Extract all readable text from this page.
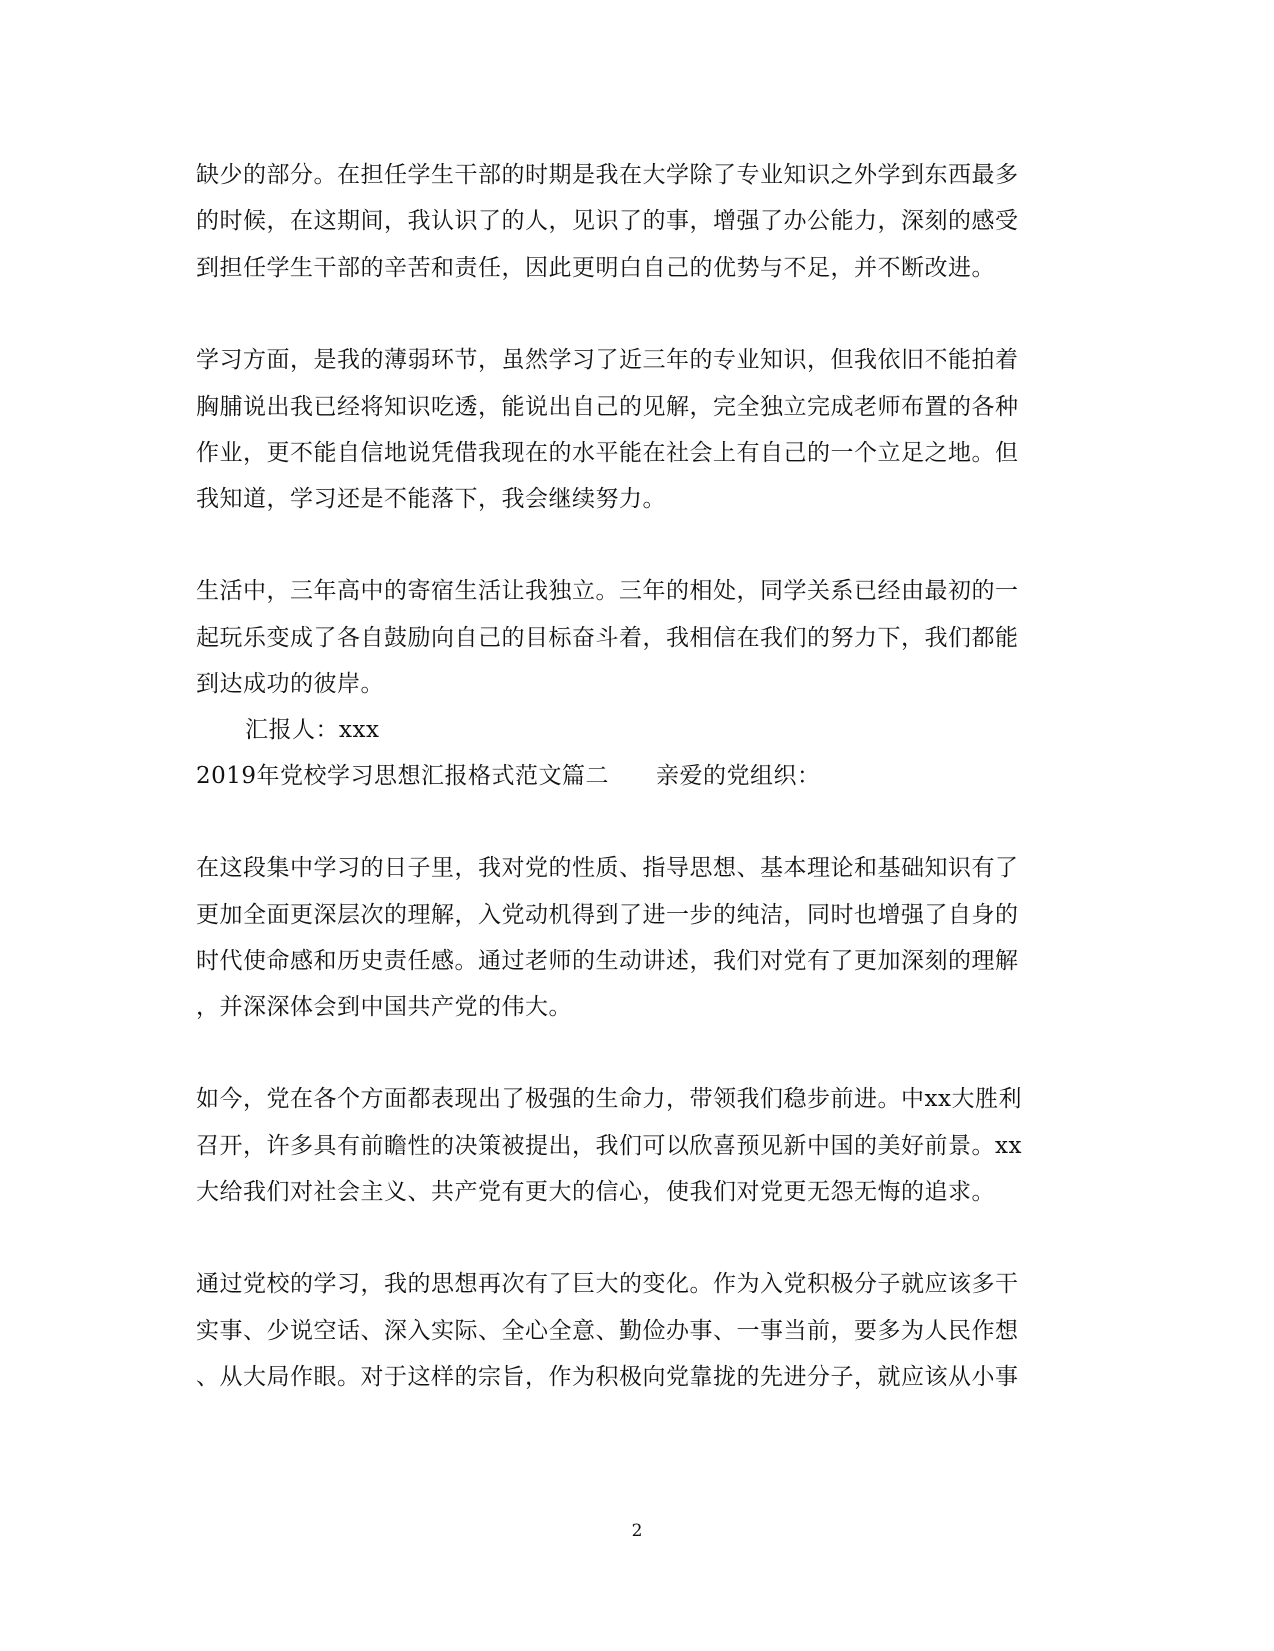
缺少的部分。在担任学生干部的时期是我在大学除了专业知识之外学到东西最多
的时候，在这期间，我认识了的人，见识了的事，增强了办公能力，深刻的感受
到担任学生干部的辛苦和责任，因此更明白自己的优势与不足，并不断改进。
学习方面，是我的薄弱环节，虽然学习了近三年的专业知识，但我依旧不能拍着
胸脯说出我已经将知识吃透，能说出自己的见解，完全独立完成老师布置的各种
作业，更不能自信地说凭借我现在的水平能在社会上有自己的一个立足之地。但
我知道，学习还是不能落下，我会继续努力。
生活中，三年高中的寄宿生活让我独立。三年的相处，同学关系已经由最初的一
起玩乐变成了各自鼓励向自己的目标奋斗着，我相信在我们的努力下，我们都能
到达成功的彼岸。
汇报人：xxx
2019年党校学习思想汇报格式范文篇二　　亲爱的党组织：
在这段集中学习的日子里，我对党的性质、指导思想、基本理论和基础知识有了
更加全面更深层次的理解，入党动机得到了进一步的纯洁，同时也增强了自身的
时代使命感和历史责任感。通过老师的生动讲述，我们对党有了更加深刻的理解
，并深深体会到中国共产党的伟大。
如今，党在各个方面都表现出了极强的生命力，带领我们稳步前进。中xx大胜利
召开，许多具有前瞻性的决策被提出，我们可以欣喜预见新中国的美好前景。xx
大给我们对社会主义、共产党有更大的信心，使我们对党更无怨无悔的追求。
通过党校的学习，我的思想再次有了巨大的变化。作为入党积极分子就应该多干
实事、少说空话、深入实际、全心全意、勤俭办事、一事当前，要多为人民作想
、从大局作眼。对于这样的宗旨，作为积极向党靠拢的先进分子，就应该从小事
2
